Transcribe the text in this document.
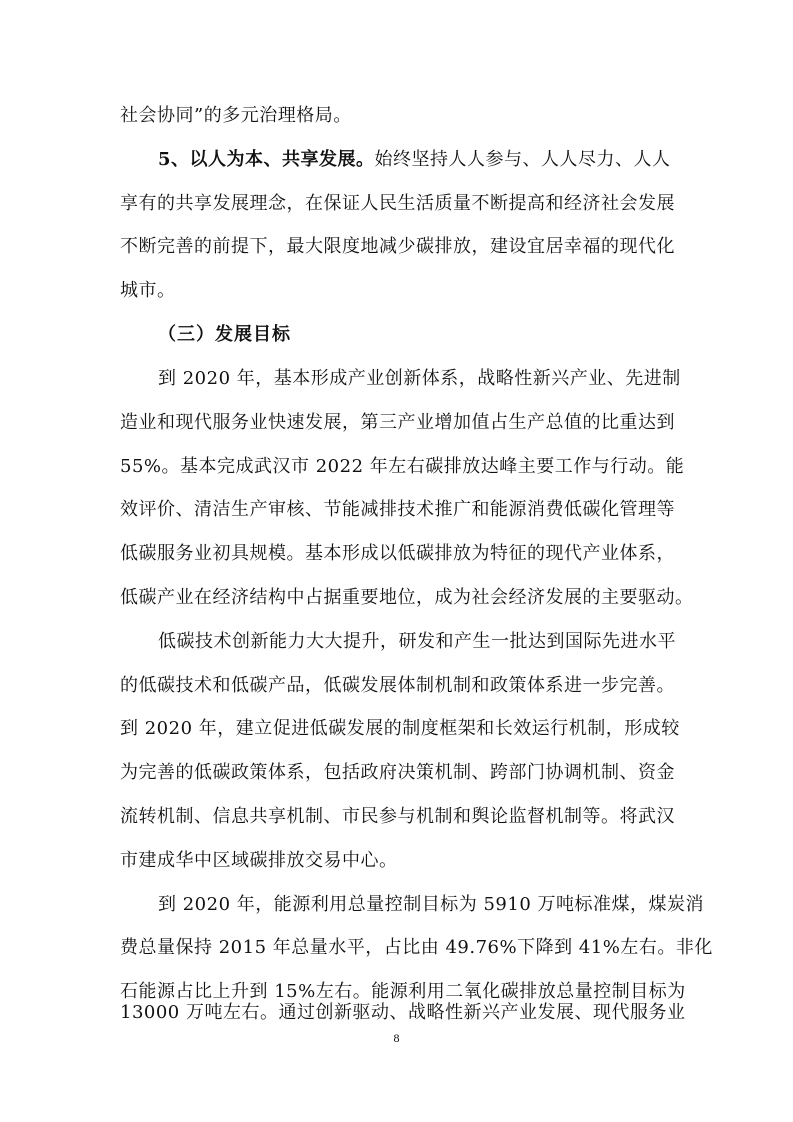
社会协同”的多元治理格局。
5、以人为本、共享发展。始终坚持人人参与、人人尽力、人人
享有的共享发展理念，在保证人民生活质量不断提高和经济社会发展
不断完善的前提下，最大限度地减少碳排放，建设宜居幸福的现代化
城市。
（三）发展目标
到 2020 年，基本形成产业创新体系，战略性新兴产业、先进制
造业和现代服务业快速发展，第三产业增加值占生产总值的比重达到
55%。基本完成武汉市 2022 年左右碳排放达峰主要工作与行动。能
效评价、清洁生产审核、节能减排技术推广和能源消费低碳化管理等
低碳服务业初具规模。基本形成以低碳排放为特征的现代产业体系，
低碳产业在经济结构中占据重要地位，成为社会经济发展的主要驱动。
低碳技术创新能力大大提升，研发和产生一批达到国际先进水平
的低碳技术和低碳产品，低碳发展体制机制和政策体系进一步完善。
到 2020 年，建立促进低碳发展的制度框架和长效运行机制，形成较
为完善的低碳政策体系，包括政府决策机制、跨部门协调机制、资金
流转机制、信息共享机制、市民参与机制和舆论监督机制等。将武汉
市建成华中区域碳排放交易中心。
到 2020 年，能源利用总量控制目标为 5910 万吨标准煤，煤炭消
费总量保持 2015 年总量水平，占比由 49.76%下降到 41%左右。非化
石能源占比上升到 15%左右。能源利用二氧化碳排放总量控制目标为
8
13000 万吨左右。通过创新驱动、战略性新兴产业发展、现代服务业
